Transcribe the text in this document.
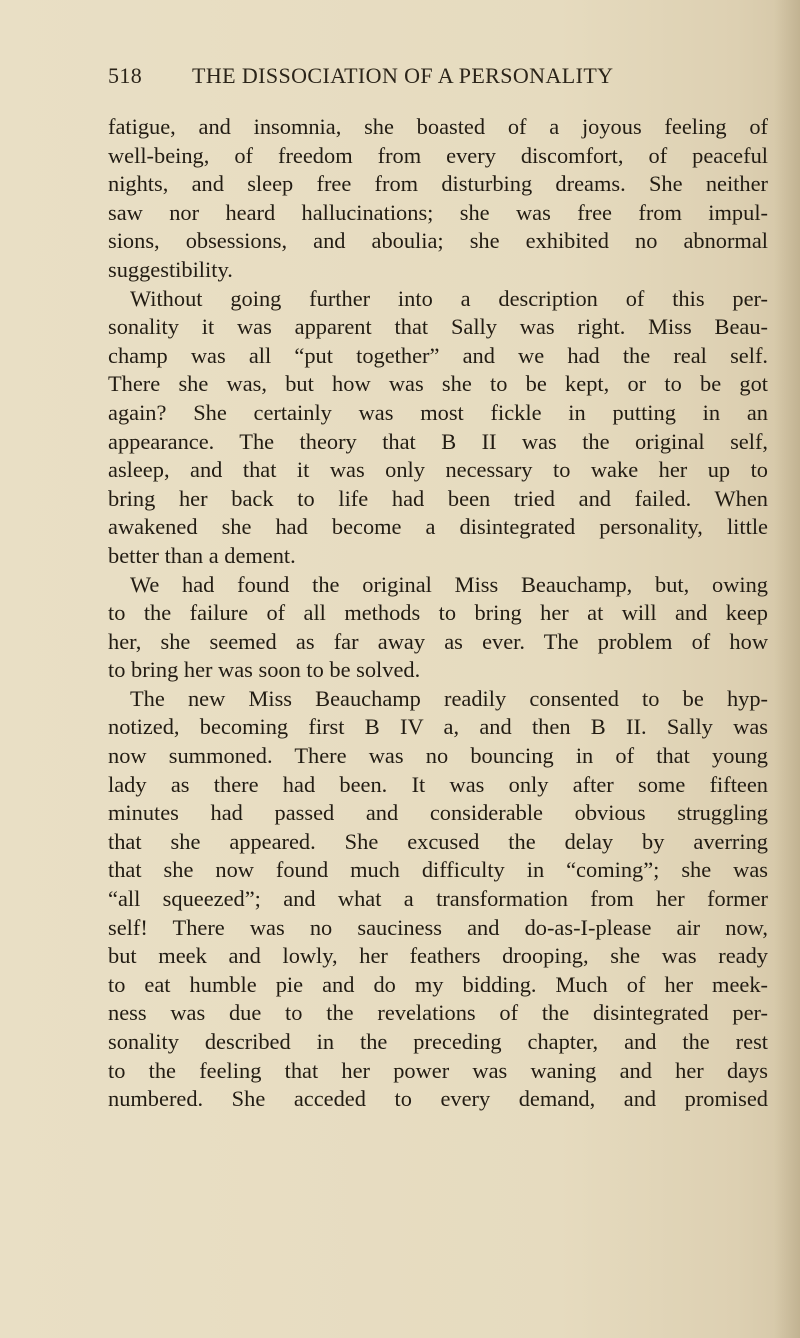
518 THE DISSOCIATION OF A PERSONALITY
fatigue, and insomnia, she boasted of a joyous feeling of
well-being, of freedom from every discomfort, of peaceful
nights, and sleep free from disturbing dreams. She neither
saw nor heard hallucinations; she was free from impul-
sions, obsessions, and aboulia; she exhibited no abnormal
suggestibility.
Without going further into a description of this per-
sonality it was apparent that Sally was right. Miss Beau-
champ was all “put together” and we had the real self.
There she was, but how was she to be kept, or to be got
again? She certainly was most fickle in putting in an
appearance. The theory that B II was the original self,
asleep, and that it was only necessary to wake her up to
bring her back to life had been tried and failed. When
awakened she had become a disintegrated personality, little
better than a dement.
We had found the original Miss Beauchamp, but, owing
to the failure of all methods to bring her at will and keep
her, she seemed as far away as ever. The problem of how
to bring her was soon to be solved.
The new Miss Beauchamp readily consented to be hyp-
notized, becoming first B IV a, and then B II. Sally was
now summoned. There was no bouncing in of that young
lady as there had been. It was only after some fifteen
minutes had passed and considerable obvious struggling
that she appeared. She excused the delay by averring
that she now found much difficulty in “coming”; she was
“all squeezed”; and what a transformation from her former
self! There was no sauciness and do-as-I-please air now,
but meek and lowly, her feathers drooping, she was ready
to eat humble pie and do my bidding. Much of her meek-
ness was due to the revelations of the disintegrated per-
sonality described in the preceding chapter, and the rest
to the feeling that her power was waning and her days
numbered. She acceded to every demand, and promised
